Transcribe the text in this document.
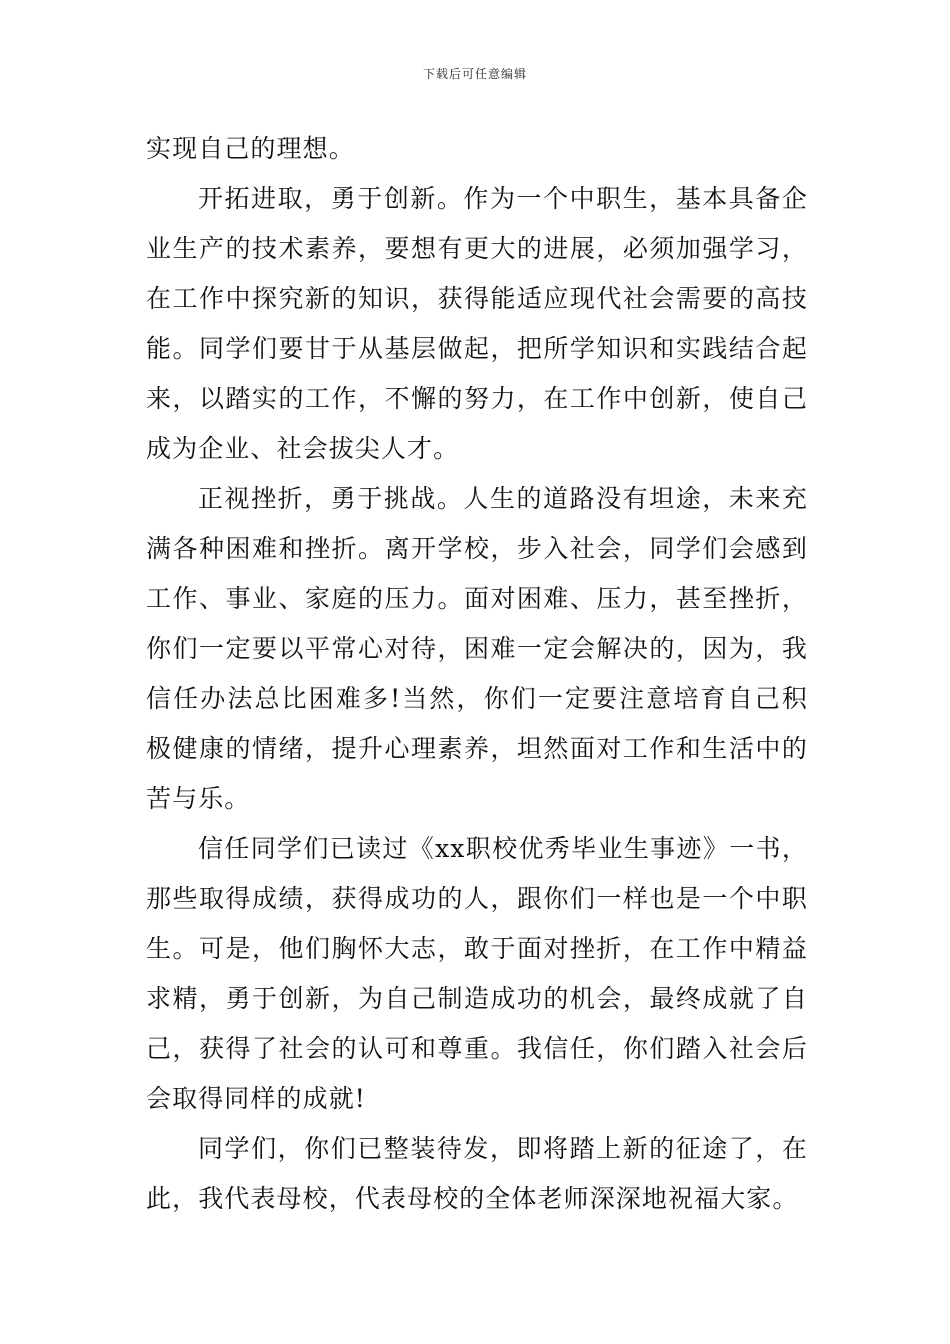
下载后可任意编辑

实现自己的理想。

开拓进取，勇于创新。作为一个中职生，基本具备企业生产的技术素养，要想有更大的进展，必须加强学习，在工作中探究新的知识，获得能适应现代社会需要的高技能。同学们要甘于从基层做起，把所学知识和实践结合起来，以踏实的工作，不懈的努力，在工作中创新，使自己成为企业、社会拔尖人才。

正视挫折，勇于挑战。人生的道路没有坦途，未来充满各种困难和挫折。离开学校，步入社会，同学们会感到工作、事业、家庭的压力。面对困难、压力，甚至挫折，你们一定要以平常心对待，困难一定会解决的，因为，我信任办法总比困难多!当然，你们一定要注意培育自己积极健康的情绪，提升心理素养，坦然面对工作和生活中的苦与乐。

信任同学们已读过《xx职校优秀毕业生事迹》一书，那些取得成绩，获得成功的人，跟你们一样也是一个中职生。可是，他们胸怀大志，敢于面对挫折，在工作中精益求精，勇于创新，为自己制造成功的机会，最终成就了自己，获得了社会的认可和尊重。我信任，你们踏入社会后会取得同样的成就!

同学们，你们已整装待发，即将踏上新的征途了，在此，我代表母校，代表母校的全体老师深深地祝福大家。
